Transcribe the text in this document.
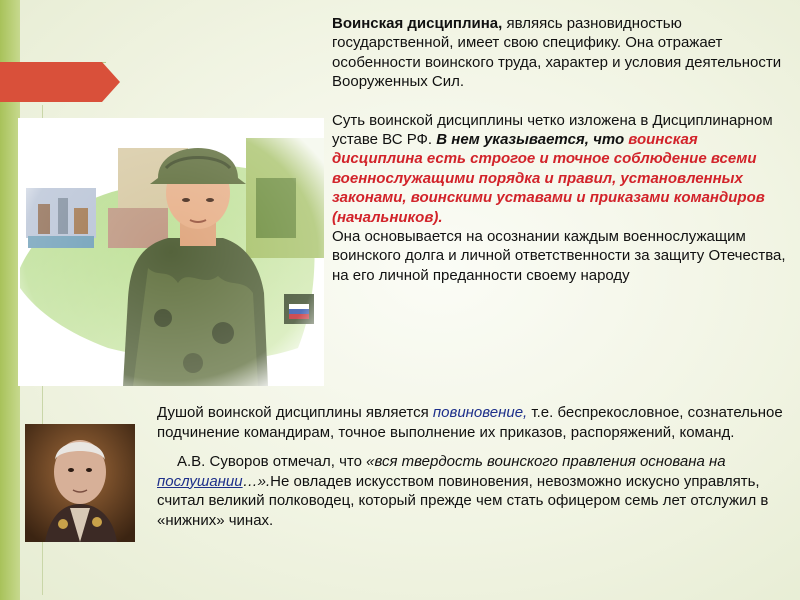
Воинская дисциплина, являясь разновидностью государственной, имеет свою специфику. Она отражает особенности воинского труда, характер и условия деятельности Вооруженных Сил.

Суть воинской дисциплины четко изложена в Дисциплинарном уставе ВС РФ. В нем указывается, что воинская дисциплина есть строгое и точное соблюдение всеми военнослужащими порядка и правил, установленных законами, воинскими уставами и приказами командиров (начальников).

Она основывается на осознании каждым военнослужащим воинского долга и личной ответственности за защиту Отечества, на его личной преданности своему народу

Душой воинской дисциплины является повиновение, т.е. беспрекословное, сознательное подчинение командирам, точное выполнение их приказов, распоряжений, команд.

А.В. Суворов отмечал, что «вся твердость воинского правления основана на послушании…».Не овладев искусством повиновения, невозможно искусно управлять, считал великий полководец, который прежде чем стать офицером семь лет отслужил в «нижних» чинах.
